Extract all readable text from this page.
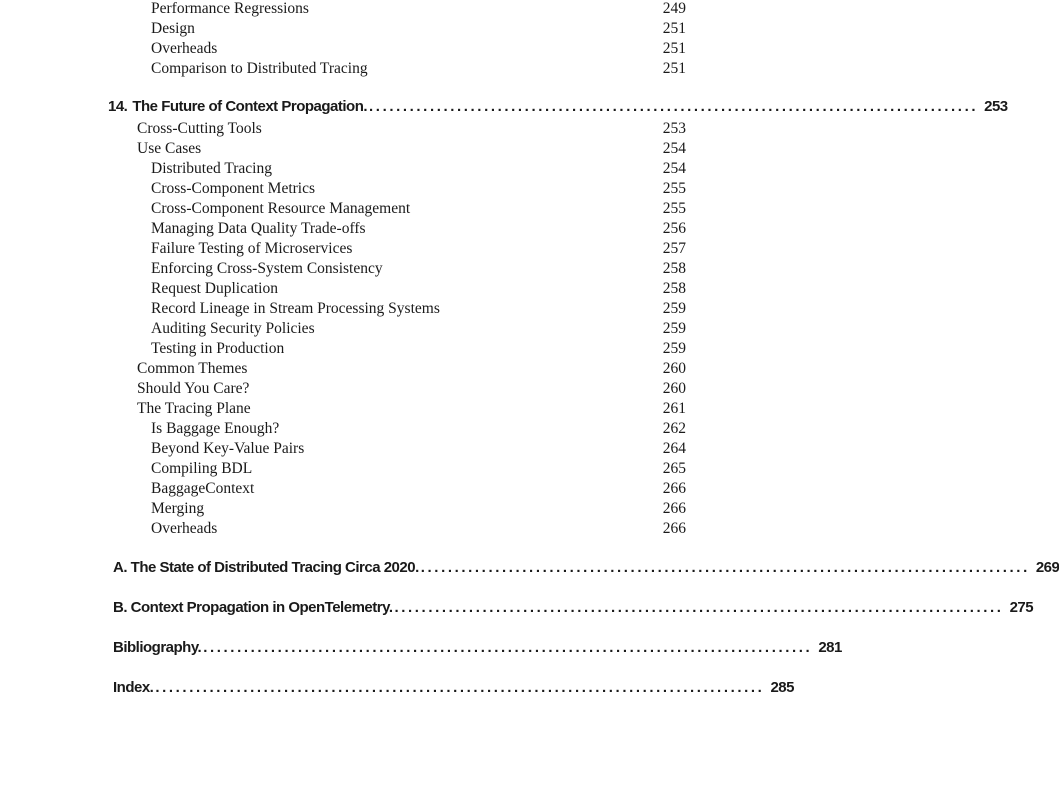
Performance Regressions	249
Design	251
Overheads	251
Comparison to Distributed Tracing	251
14. The Future of Context Propagation. .......................................................................................... 253
Cross-Cutting Tools	253
Use Cases	254
Distributed Tracing	254
Cross-Component Metrics	255
Cross-Component Resource Management	255
Managing Data Quality Trade-offs	256
Failure Testing of Microservices	257
Enforcing Cross-System Consistency	258
Request Duplication	258
Record Lineage in Stream Processing Systems	259
Auditing Security Policies	259
Testing in Production	259
Common Themes	260
Should You Care?	260
The Tracing Plane	261
Is Baggage Enough?	262
Beyond Key-Value Pairs	264
Compiling BDL	265
BaggageContext	266
Merging	266
Overheads	266
A. The State of Distributed Tracing Circa 2020. .......................................................................................... 269
B. Context Propagation in OpenTelemetry. .......................................................................................... 275
Bibliography. .......................................................................................... 281
Index. .......................................................................................... 285
